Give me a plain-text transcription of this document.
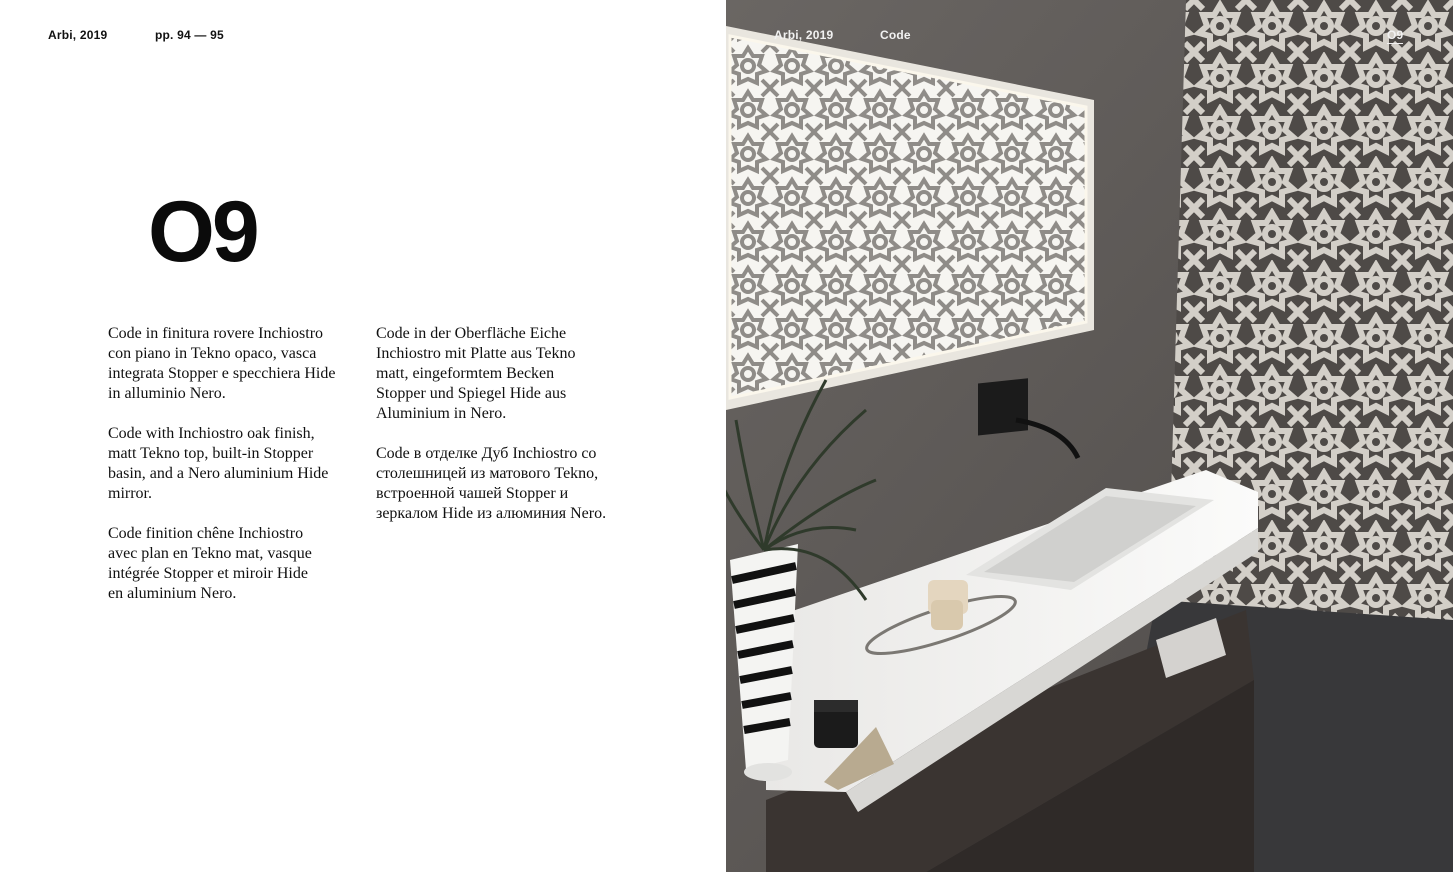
Arbi, 2019	pp. 94 — 95
O9

Code in finitura rovere Inchiostro
con piano in Tekno opaco, vasca
integrata Stopper e specchiera Hide
in alluminio Nero.

Code with Inchiostro oak finish,
matt Tekno top, built-in Stopper
basin, and a Nero aluminium Hide
mirror.

Code finition chêne Inchiostro
avec plan en Tekno mat, vasque
intégrée Stopper et miroir Hide
en aluminium Nero.

Code in der Oberfläche Eiche
Inchiostro mit Platte aus Tekno
matt, eingeformtem Becken
Stopper und Spiegel Hide aus
Aluminium in Nero.

Code в отделке Дуб Inchiostro со
столешницей из матового Tekno,
встроенной чашей Stopper и
зеркалом Hide из алюминия Nero.

Arbi, 2019	Code	O9
